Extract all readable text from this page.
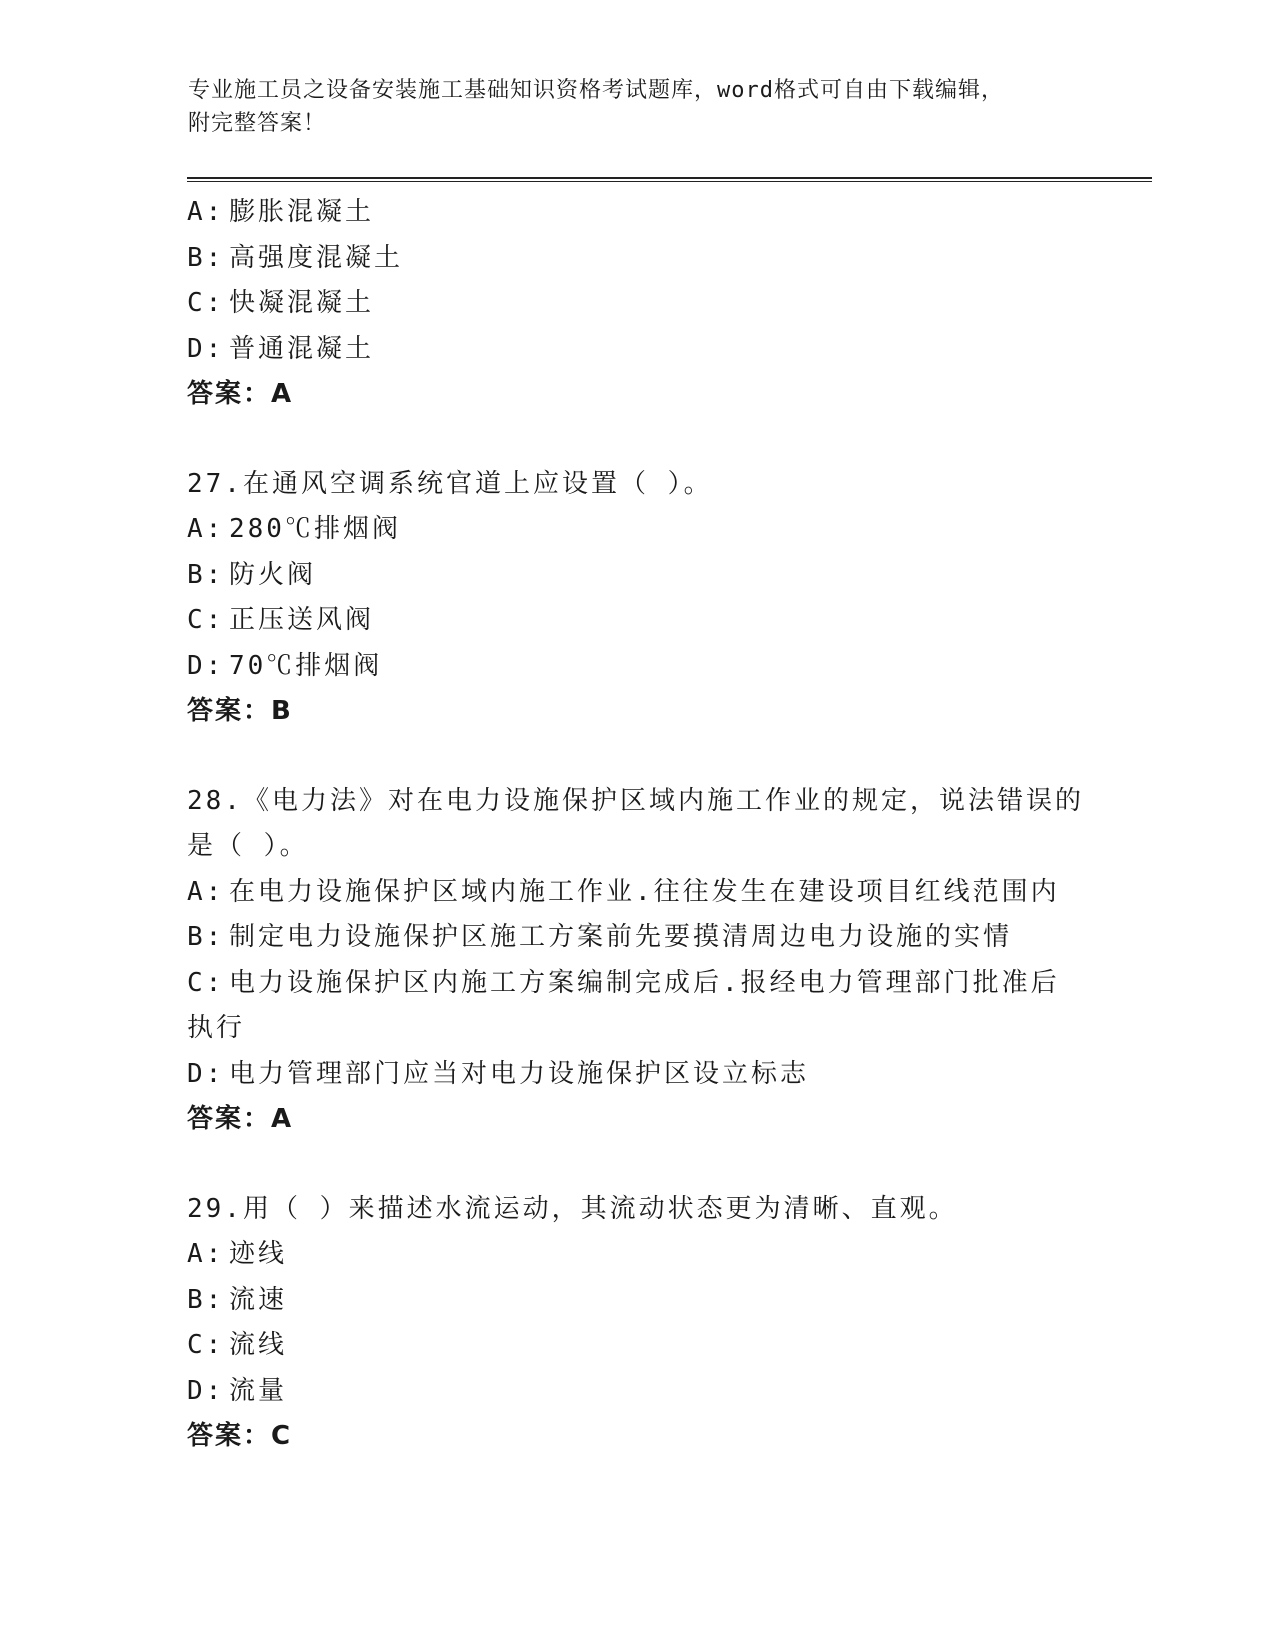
专业施工员之设备安装施工基础知识资格考试题库，word格式可自由下载编辑，
附完整答案！
A: 膨胀混凝土
B: 高强度混凝土
C: 快凝混凝土
D: 普通混凝土
答案：A
27.在通风空调系统官道上应设置（ ）。
A: 280℃排烟阀
B: 防火阀
C: 正压送风阀
D: 70℃排烟阀
答案：B
28.《电力法》对在电力设施保护区域内施工作业的规定，说法错误的
是（ ）。
A: 在电力设施保护区域内施工作业.往往发生在建设项目红线范围内
B: 制定电力设施保护区施工方案前先要摸清周边电力设施的实情
C: 电力设施保护区内施工方案编制完成后.报经电力管理部门批准后
执行
D: 电力管理部门应当对电力设施保护区设立标志
答案：A
29.用（ ）来描述水流运动，其流动状态更为清晰、直观。
A: 迹线
B: 流速
C: 流线
D: 流量
答案：C
